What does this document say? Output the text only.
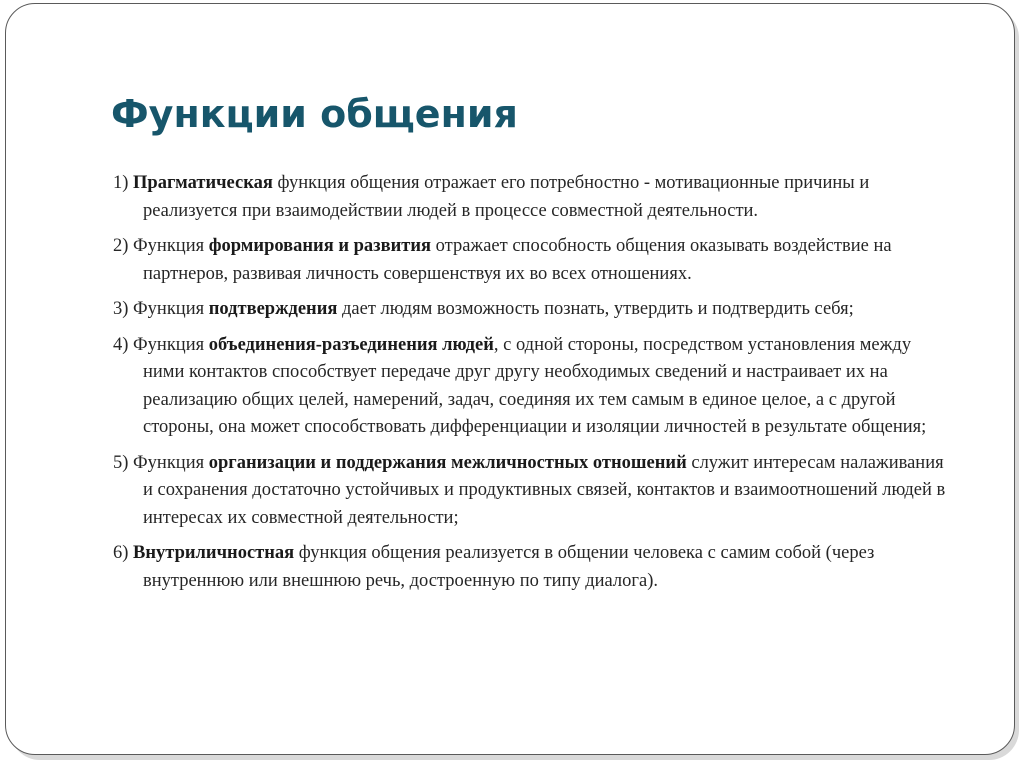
Функции общения

1) Прагматическая функция общения отражает его потребностно - мотивационные причины и реализуется при взаимодействии людей в процессе совместной деятельности.

2) Функция формирования и развития отражает способность общения оказывать воздействие на партнеров, развивая личность совершенствуя их во всех отношениях.

3) Функция подтверждения дает людям возможность познать, утвердить и подтвердить себя;

4) Функция объединения-разъединения людей, с одной стороны, посредством установления между ними контактов способствует передаче друг другу необходимых сведений и настраивает их на реализацию общих целей, намерений, задач, соединяя их тем самым в единое целое, а с другой стороны, она может способствовать дифференциации и изоляции личностей в результате общения;

5) Функция организации и поддержания межличностных отношений служит интересам налаживания и сохранения достаточно устойчивых и продуктивных связей, контактов и взаимоотношений людей в интересах их совместной деятельности;

6) Внутриличностная функция общения реализуется в общении человека с самим собой (через внутреннюю или внешнюю речь, достроенную по типу диалога).
